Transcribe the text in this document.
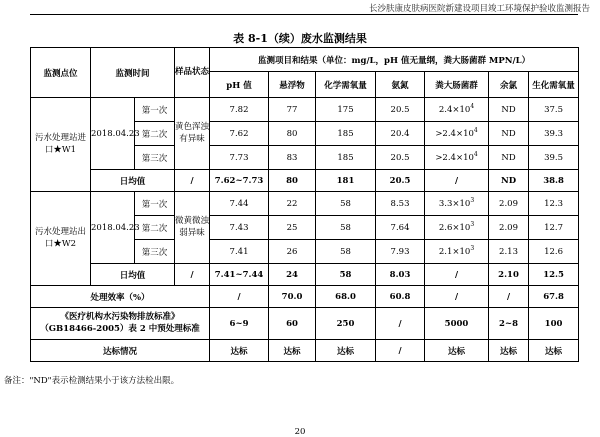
长沙肤康皮肤病医院新建设项目竣工环境保护验收监测报告
表 8-1（续）废水监测结果
监测点位	监测时间		样品状态	监测项目和结果（单位：mg/L，pH 值无量纲，粪大肠菌群 MPN/L）						
				pH 值	悬浮物	化学需氧量	氨氮	粪大肠菌群	余氯	生化需氧量
污水处理站进口★W1	2018.04.23	第一次	黄色浑浊有异味	7.82	77	175	20.5	$2.4\times 10^4$	ND	37.5
		第二次		7.62	80	185	20.4	$>2.4\times 10^4$	ND	39.3
		第三次		7.73	83	185	20.5	$>2.4\times 10^4$	ND	39.5
	日均值		/	7.62~7.73	80	181	20.5	/	ND	38.8
污水处理站出口★W2	2018.04.23	第一次	微黄微浊弱异味	7.44	22	58	8.53	$3.3\times 10^3$	2.09	12.3
		第二次		7.43	25	58	7.64	$2.6\times 10^3$	2.09	12.7
		第三次		7.41	26	58	7.93	$2.1\times 10^3$	2.13	12.6
	日均值		/	7.41~7.44	24	58	8.03	/	2.10	12.5
处理效率（%）				/	70.0	68.0	60.8	/	/	67.8

《医疗机构水污染物排放标准》
（GB18466-2005）表 2 中预处理标准				6~9	60	250	/	5000	2~8	100
达标情况				达标	达标	达标	/	达标	达标	达标
备注："ND"表示检测结果小于该方法检出限。
20
